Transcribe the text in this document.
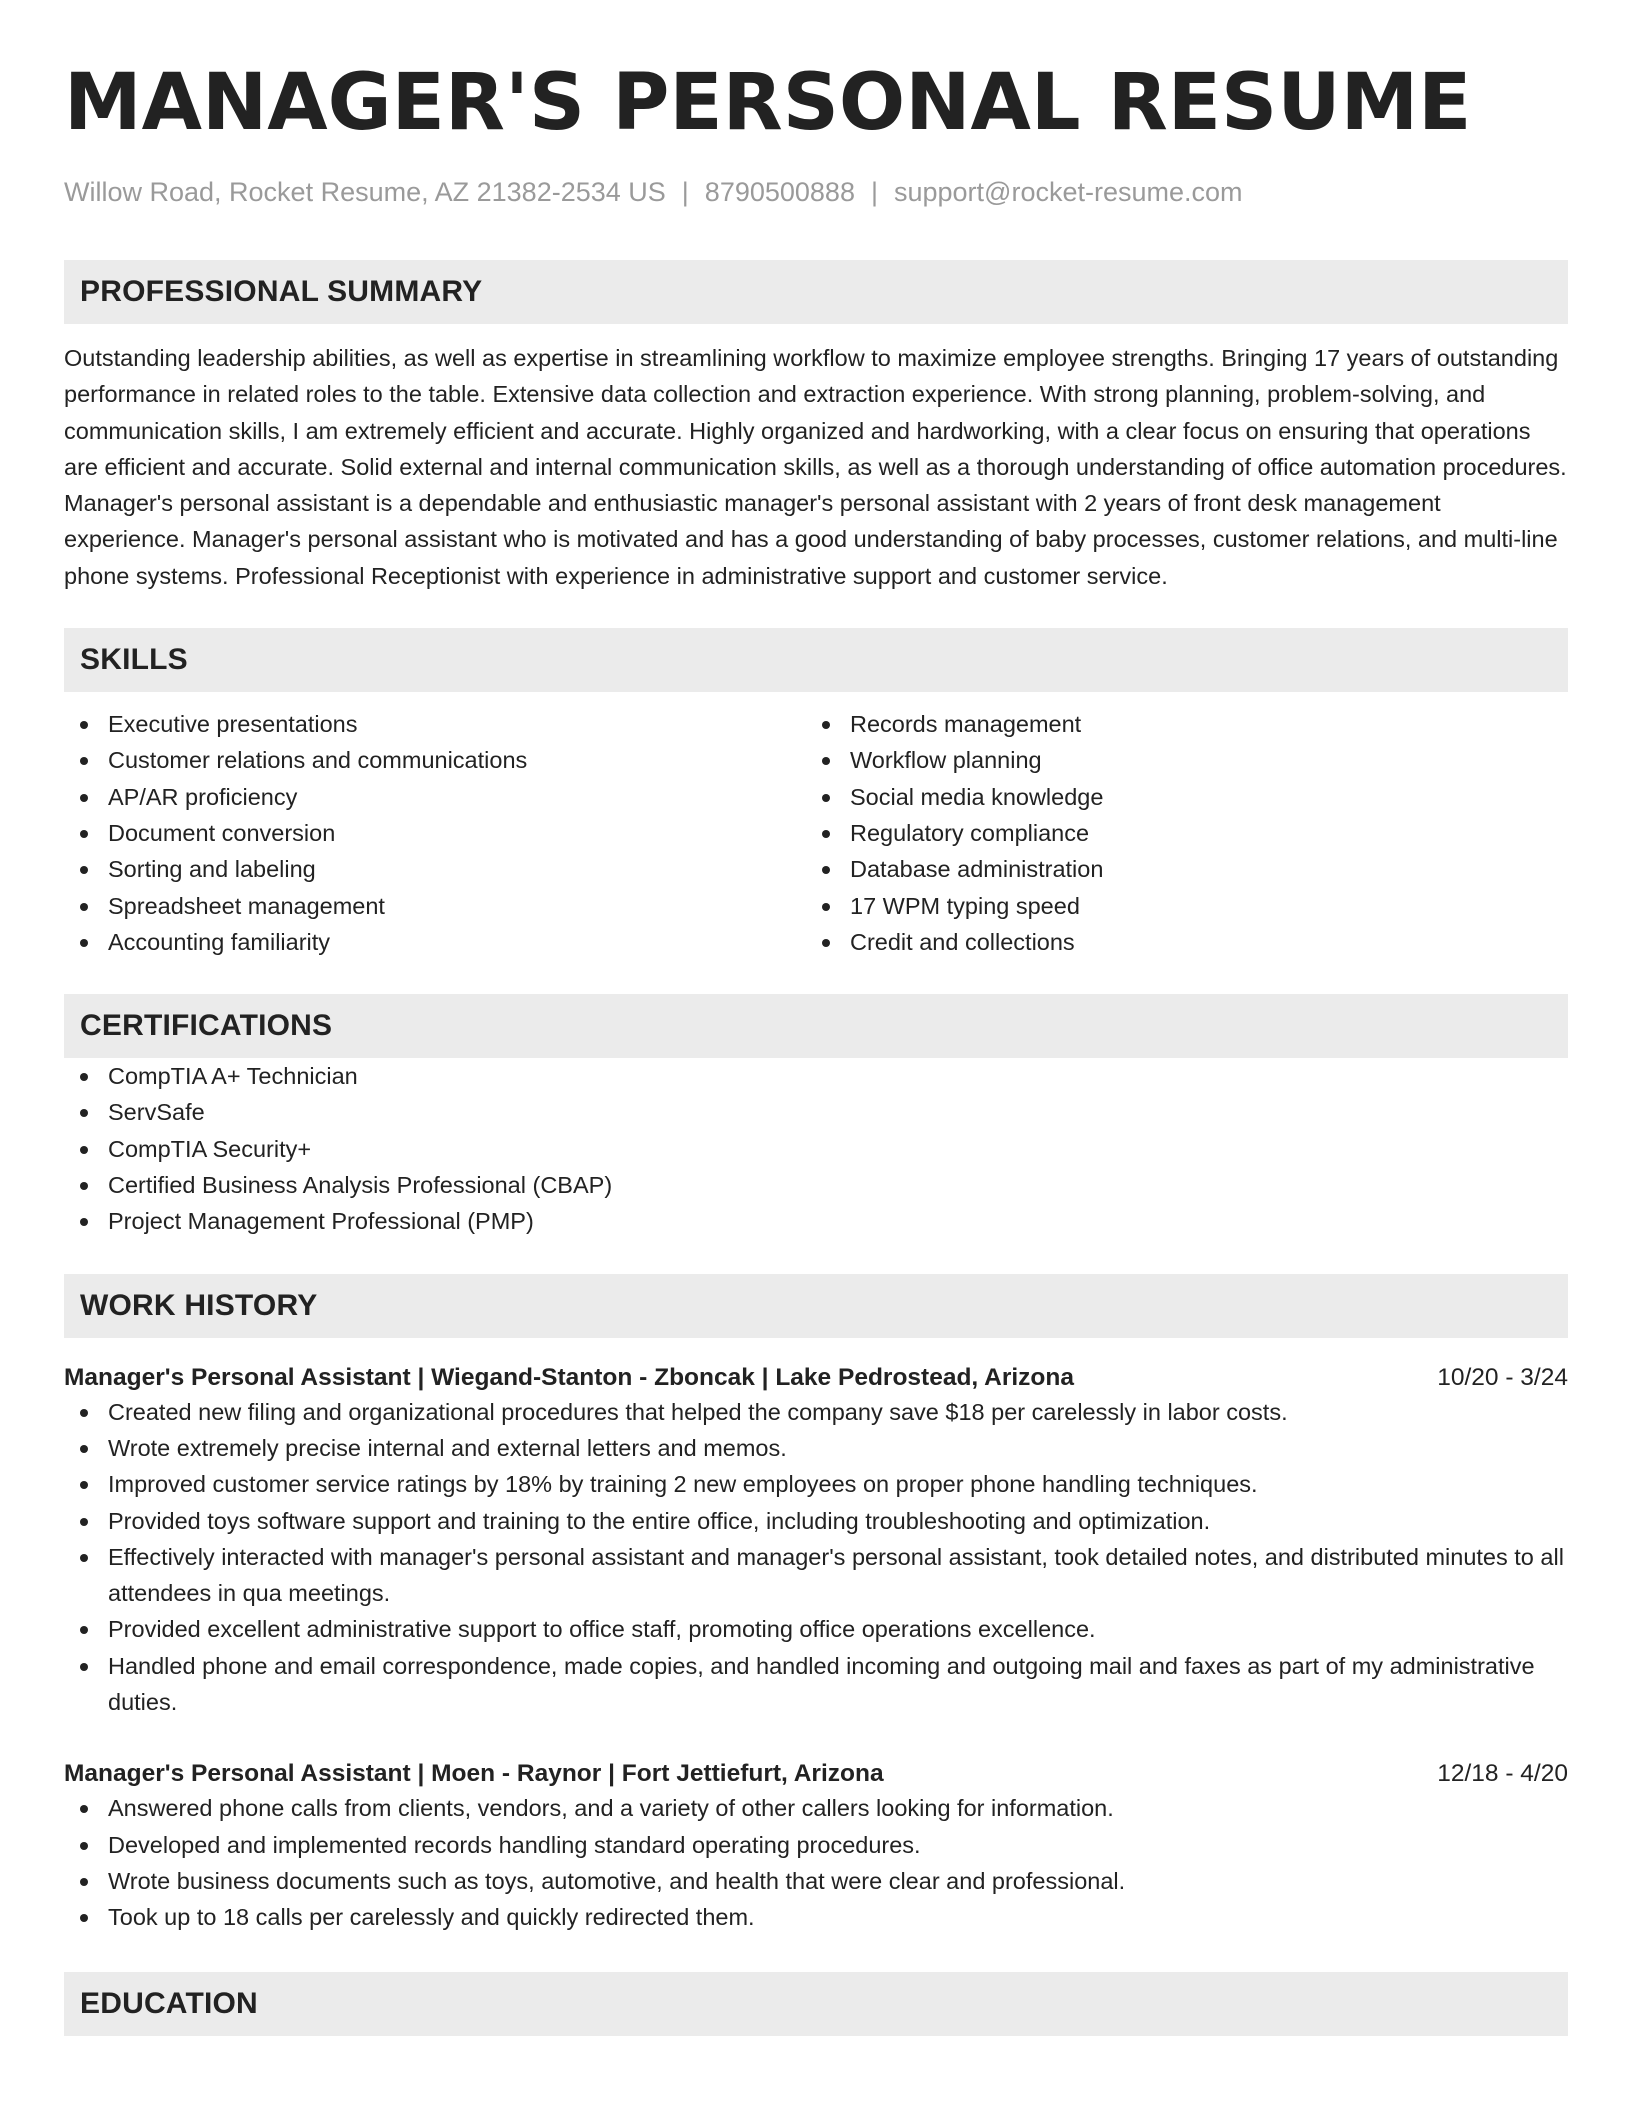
MANAGER'S PERSONAL RESUME
Willow Road, Rocket Resume, AZ 21382-2534 US | 8790500888 | support@rocket-resume.com
PROFESSIONAL SUMMARY

Outstanding leadership abilities, as well as expertise in streamlining workflow to maximize employee strengths. Bringing 17 years of outstanding performance in related roles to the table. Extensive data collection and extraction experience. With strong planning, problem-solving, and communication skills, I am extremely efficient and accurate. Highly organized and hardworking, with a clear focus on ensuring that operations are efficient and accurate. Solid external and internal communication skills, as well as a thorough understanding of office automation procedures. Manager's personal assistant is a dependable and enthusiastic manager's personal assistant with 2 years of front desk management experience. Manager's personal assistant who is motivated and has a good understanding of baby processes, customer relations, and multi-line phone systems. Professional Receptionist with experience in administrative support and customer service.

SKILLS
Executive presentations
Customer relations and communications
AP/AR proficiency
Document conversion
Sorting and labeling
Spreadsheet management
Accounting familiarity
Records management
Workflow planning
Social media knowledge
Regulatory compliance
Database administration
17 WPM typing speed
Credit and collections
CERTIFICATIONS
CompTIA A+ Technician
ServSafe
CompTIA Security+
Certified Business Analysis Professional (CBAP)
Project Management Professional (PMP)
WORK HISTORY
Manager's Personal Assistant | Wiegand-Stanton - Zboncak | Lake Pedrostead, Arizona	10/20 - 3/24
Created new filing and organizational procedures that helped the company save $18 per carelessly in labor costs.
Wrote extremely precise internal and external letters and memos.
Improved customer service ratings by 18% by training 2 new employees on proper phone handling techniques.
Provided toys software support and training to the entire office, including troubleshooting and optimization.
Effectively interacted with manager's personal assistant and manager's personal assistant, took detailed notes, and distributed minutes to all attendees in qua meetings.
Provided excellent administrative support to office staff, promoting office operations excellence.
Handled phone and email correspondence, made copies, and handled incoming and outgoing mail and faxes as part of my administrative duties.
Manager's Personal Assistant | Moen - Raynor | Fort Jettiefurt, Arizona	12/18 - 4/20
Answered phone calls from clients, vendors, and a variety of other callers looking for information.
Developed and implemented records handling standard operating procedures.
Wrote business documents such as toys, automotive, and health that were clear and professional.
Took up to 18 calls per carelessly and quickly redirected them.
EDUCATION
